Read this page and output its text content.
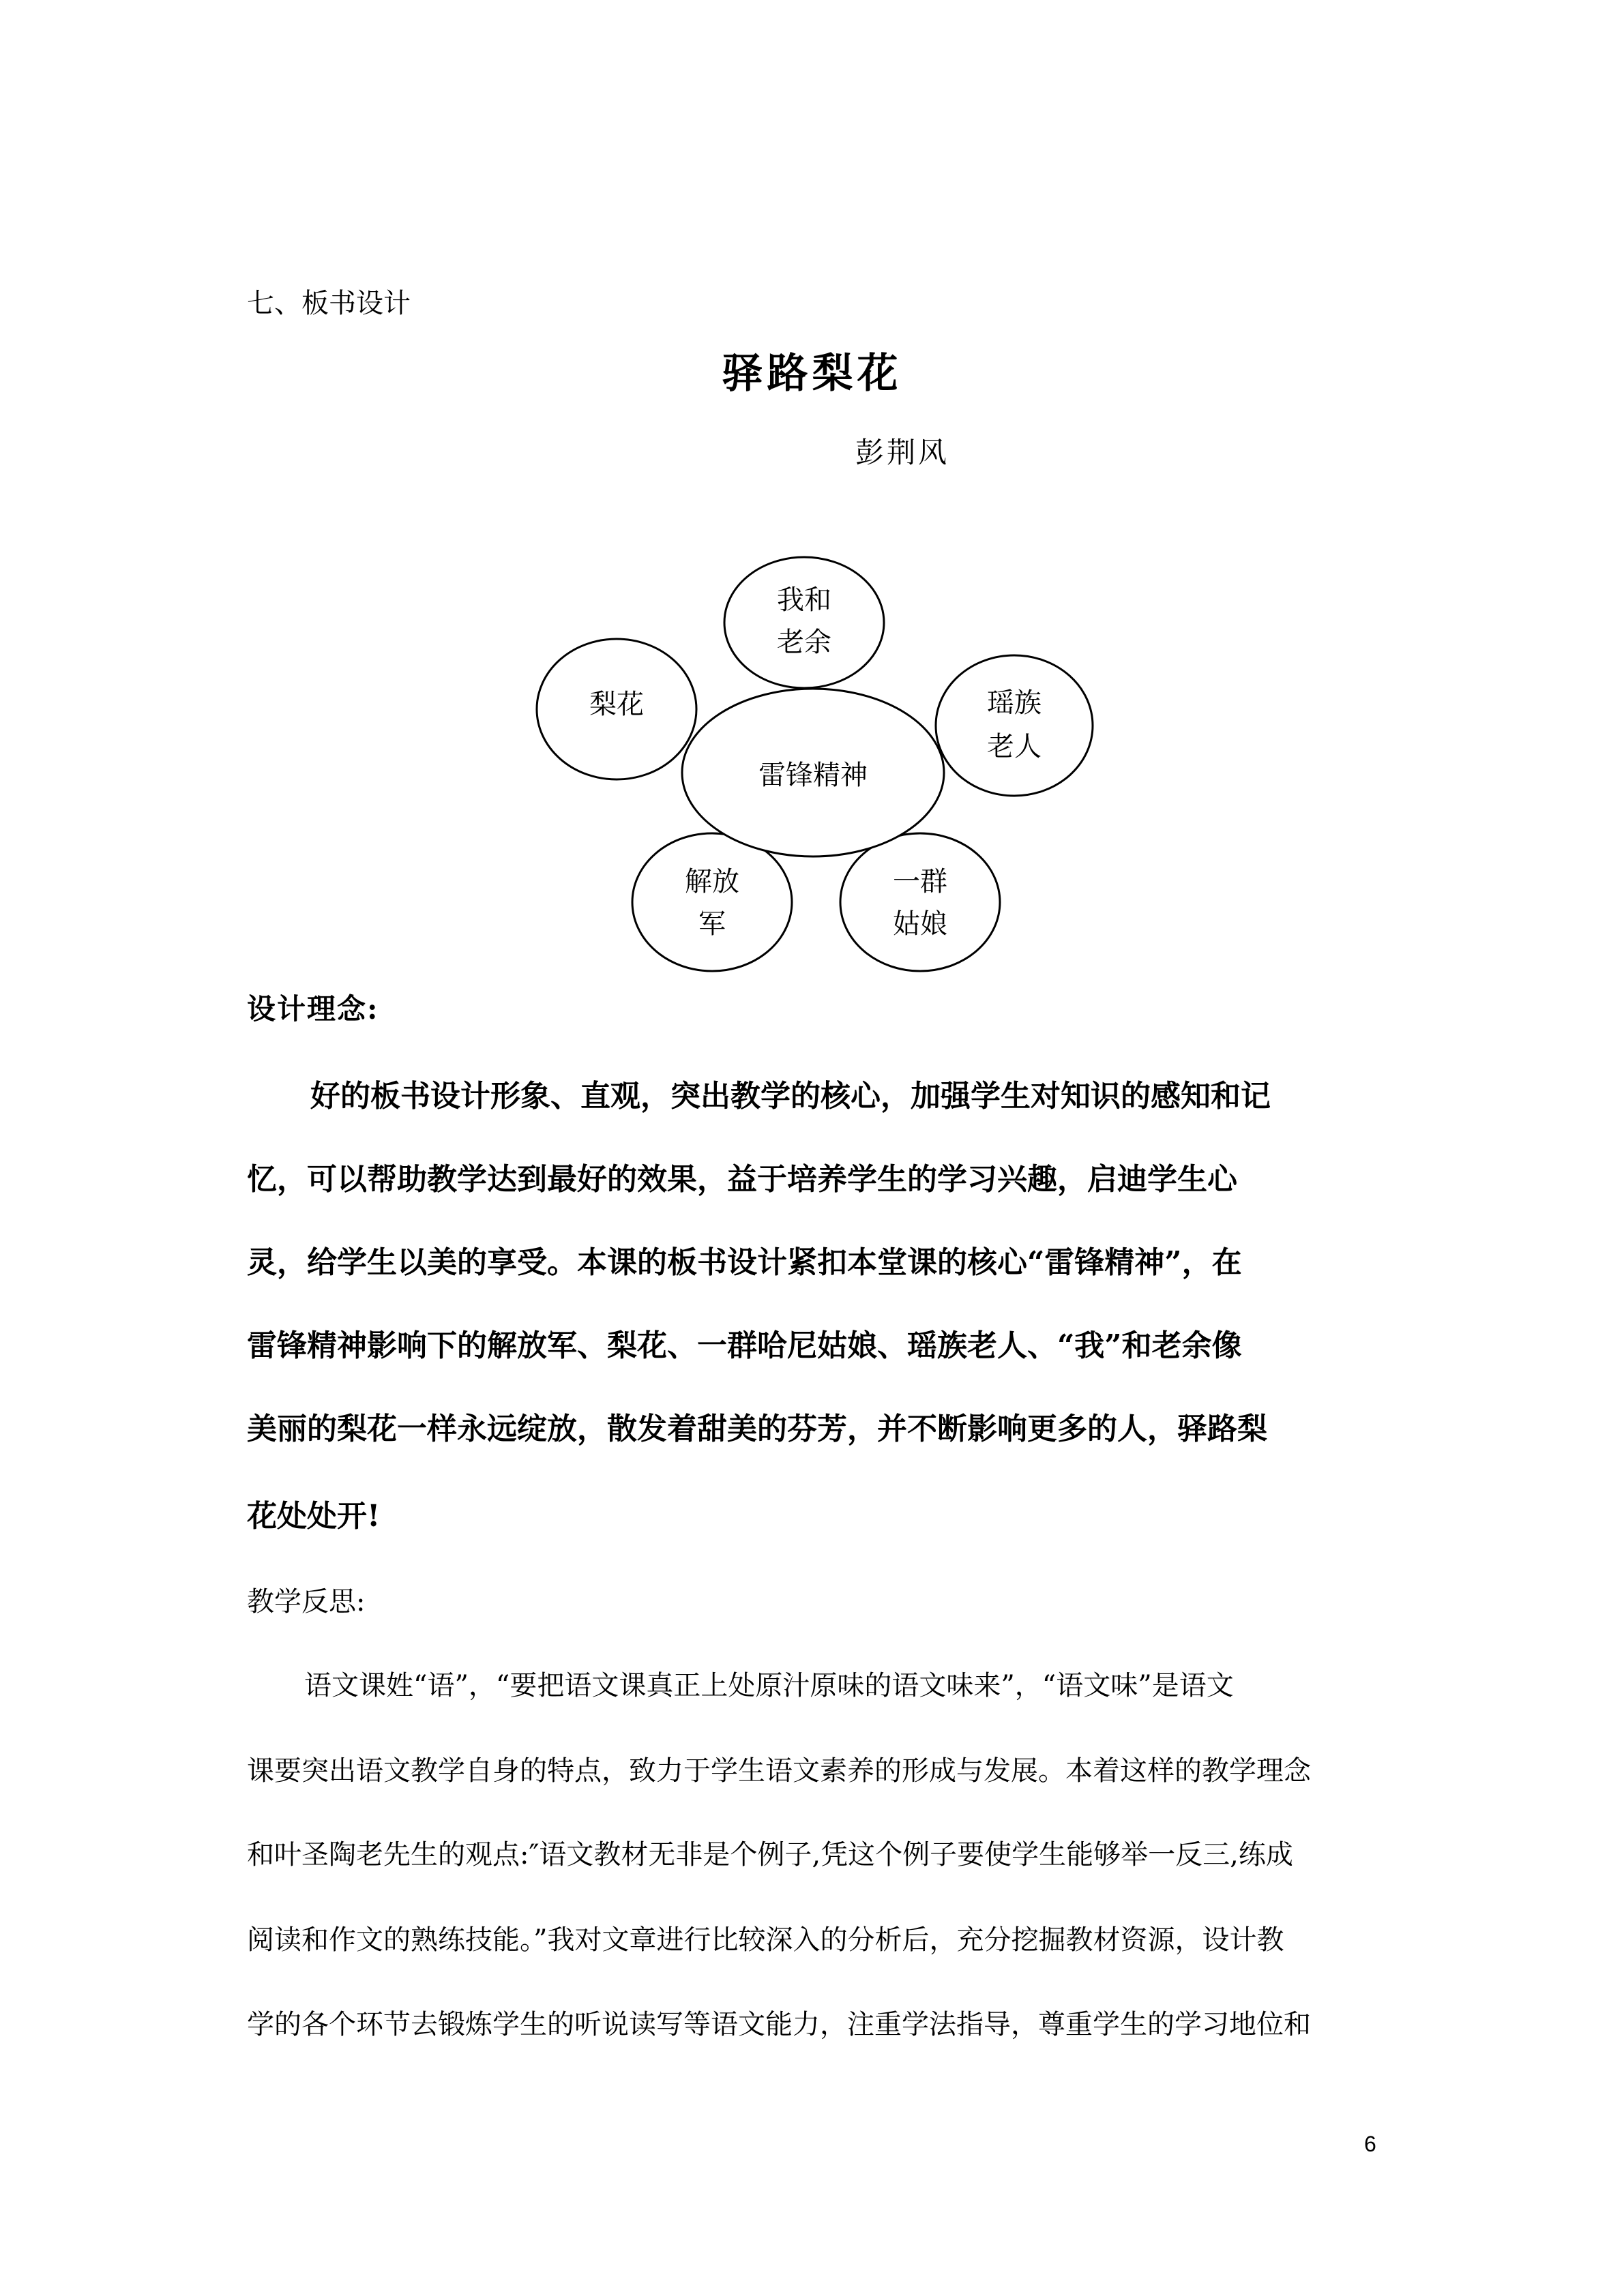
七、板书设计

驿路梨花

彭荆风

雷锋精神
我和
老余
梨花	瑶族
老人
解放
军
一群
姑娘

设计理念:

好的板书设计形象、直观，突出教学的核心，加强学生对知识的感知和记

忆，可以帮助教学达到最好的效果，益于培养学生的学习兴趣，启迪学生心

灵，给学生以美的享受。本课的板书设计紧扣本堂课的核心“雷锋精神”，在

雷锋精神影响下的解放军、梨花、一群哈尼姑娘、瑶族老人、“我”和老余像

美丽的梨花一样永远绽放，散发着甜美的芬芳，并不断影响更多的人，驿路梨

花处处开!

教学反思:

语文课姓“语”，“要把语文课真正上处原汁原味的语文味来”，“语文味”是语文

课要突出语文教学自身的特点，致力于学生语文素养的形成与发展。本着这样的教学理念

和叶圣陶老先生的观点:″语文教材无非是个例子,凭这个例子要使学生能够举一反三,练成

阅读和作文的熟练技能。”我对文章进行比较深入的分析后，充分挖掘教材资源，设计教

学的各个环节去锻炼学生的听说读写等语文能力，注重学法指导，尊重学生的学习地位和

6
